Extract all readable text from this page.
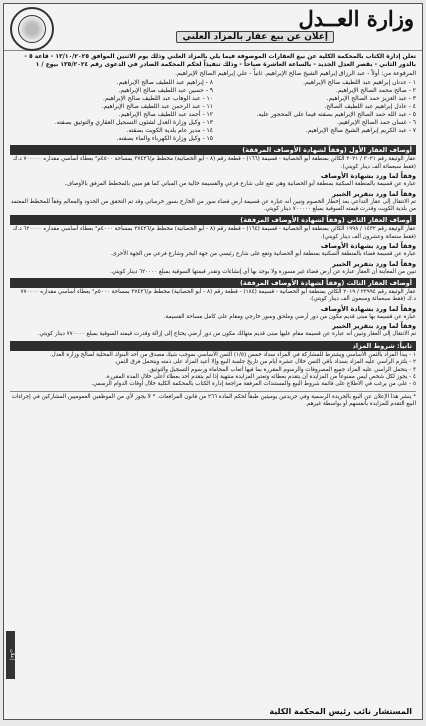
وزارة العــدل
إعلان عن بيع عقار بالمزاد العلني

تعلن إدارة الكتاب بالمحكمة الكلية عن بيع العقارات الموصوفة فيما يلي بالمزاد العلني وذلك يوم الاثنين الموافق ١٣/١٠/٢٠٢٥ - قاعة ٥ - بالدور الثاني - بقصر العدل الجديد - بالساعة العاشرة صباحاً - وذلك تنفيذاً لحكم المحكمة الصادر في الدعوى رقم ١٣٥/٢٠٢٤ بيوع / ١

المرفوعة من: أولاً - عبد الرزاق إبراهيم الشيخ صالح الإبراهيم. ثانياً - علي إبراهيم الصالح الإبراهيم.

١ - عدنان إبراهيم عبد اللطيف صالح الإبراهيم.

٢ - صالح محمد الصالح الإبراهيم.

٣ - عبد العزيز حمد الصالح الإبراهيم.

٤ - عادل إبراهيم عبد اللطيف الصالح.

٥ - عبد الله حمد الصالح الإبراهيم بصفته فيما على المحجور عليه.

٦ - غسان حمد الصالح الإبراهيم.

٧ - عبد الكريم إبراهيم الشيخ صالح الإبراهيم.

٨ - إبراهيم عبد اللطيف صالح الإبراهيم.

٩ - حسين عبد اللطيف صالح الإبراهيم.

١٠ - عبد الوهاب عبد اللطيف صالح الإبراهيم.

١١ - عبد الرحمن عبد اللطيف صالح الإبراهيم.

١٢ - أحمد عبد اللطيف صالح الإبراهيم.

١٣ - وكيل وزارة العدل لشئون التسجيل العقاري والتوثيق بصفته.

١٤ - مدير عام بلدية الكويت بصفته.

١٥ - وكيل وزارة الكهرباء والماء بصفته.

أوصاف العقار الأول (وفقاً لشهادة الأوصاف المرفقة)

عقار الوثيقة رقم ٣٠٢١ / ٢٠٢١ الكائن بمنطقة أبو الحصانية - قسيمة (١٦٦) - قطعة رقم (٨ - أبو الحصانية) مخطط م/٣٧٤٢٦ بمساحة ٤٥٠٠م² بعطاء أساسي مقداره ٧٠٠٠٠٠ د.ك (فقط سبعمائة ألف دينار كويتي).

وفقاً لما ورد بشهادة الأوصاف

عبارة عن قسيمة بالمنطقة السكنية بمنطقة أبو الحصانية وهي تقع على شارع فرعي والقسيمة خالية من المباني كما هو مبين بالمخطط المرفق بالأوصاف.

وفقاً لما ورد بتقرير الخبير

تم الانتقال إلى عقار التداعي بعد إخطار الخصوم وتبين أنه عبارة عن قسيمة أرض فضاء سور من الخارج بسور خرساني وقد تم التحقق من الحدود والمعالم وفقاً للمخطط المعتمد من بلدية الكويت وقدرت قيمته السوقية بمبلغ ٧٠٠٠٠٠ دينار كويتي.

أوصاف العقار الثاني (وفقاً لشهادة الأوصاف المرفقة)

عقار الوثيقة رقم ١٤٣٢ / ١٩٩٨ الكائن بمنطقة أبو الحصانية - قسيمة (١٦٤) - قطعة رقم (٨ - أبو الحصانية) مخطط م/٣٧٤٢٦ بمساحة ٤٠٠٠م² بعطاء أساسي مقداره ٦٢٠٠٠٠ د.ك (فقط ستمائة وعشرون ألف دينار كويتي).

وفقاً لما ورد بشهادة الأوصاف

عبارة عن قسيمة فضاء بالمنطقة السكنية بمنطقة أبو الحصانية وتقع على شارع رئيسي من جهة البحر وشارع فرعي من الجهة الأخرى.

وفقاً لما ورد بتقرير الخبير

تبين من المعاينة أن العقار عبارة عن أرض فضاء غير مسورة ولا يوجد بها أي إنشاءات وتقدر قيمتها السوقية بمبلغ ٦٢٠٠٠٠ دينار كويتي.

أوصاف العقار الثالث (وفقاً لشهادة الأوصاف المرفقة)

عقار الوثيقة رقم ٢٣٩٩٤ / ٢٠١٩ الكائن بمنطقة أبو الحصانية - قسيمة (١٨٤) - قطعة رقم (٨ - أبو الحصانية) مخطط م/٣٧٤٢٦ بمساحة ٥٠٠٠م² بعطاء أساسي مقداره ٧٧٠٠٠٠ د.ك (فقط سبعمائة وسبعون ألف دينار كويتي).

وفقاً لما ورد بشهادة الأوصاف

عبارة عن قسيمة بها مبنى قديم مكون من دور أرضي وملحق وسور خارجي ومقام على كامل مساحة القسيمة.

وفقاً لما ورد بتقرير الخبير

تم الانتقال إلى العقار وتبين أنه عبارة عن قسيمة مقام عليها مبنى قديم متهالك مكون من دور أرضي يحتاج إلى إزالة وقدرت قيمته السوقية بمبلغ ٧٧٠٠٠٠ دينار كويتي.

ثانياً: شروط المزاد

١ - يبدأ المزاد بالثمن الأساسي ويشترط للمشاركة في المزاد سداد خمس (١/٥) الثمن الأساسي بموجب شيك مصدق من أحد البنوك المحلية لصالح وزارة العدل.

٢ - يلتزم الراسي عليه المزاد بسداد باقي الثمن خلال عشرة أيام من تاريخ جلسة البيع وإلا أعيد المزاد على ذمته ويتحمل فرق الثمن.

٣ - يتحمل الراسي عليه المزاد جميع المصروفات والرسوم المقررة بما فيها أتعاب المحاماة ورسوم التسجيل والتوثيق.

٤ - يجوز لكل شخص ليس ممنوعاً من المزايدة أن يتقدم بعطائه وتعتبر المزايدة منتهية إذا لم يتقدم أحد بعطاء أعلى خلال المدة المقررة.

٥ - على من يرغب في الاطلاع على قائمة شروط البيع والمستندات المرفقة مراجعة إدارة الكتاب بالمحكمة الكلية خلال أوقات الدوام الرسمي.

* ينشر هذا الإعلان عن البيع بالجريدة الرسمية وفي جريدتين يوميتين طبقاً لحكم المادة ٢٦٦ من قانون المرافعات. * لا يجوز لأي من الموظفين العموميين المشاركين في إجراءات البيع التقدم للمزايدة بأنفسهم أو بواسطة غيرهم.
إعلان
المستشار نائب رئيس المحكمة الكلية
